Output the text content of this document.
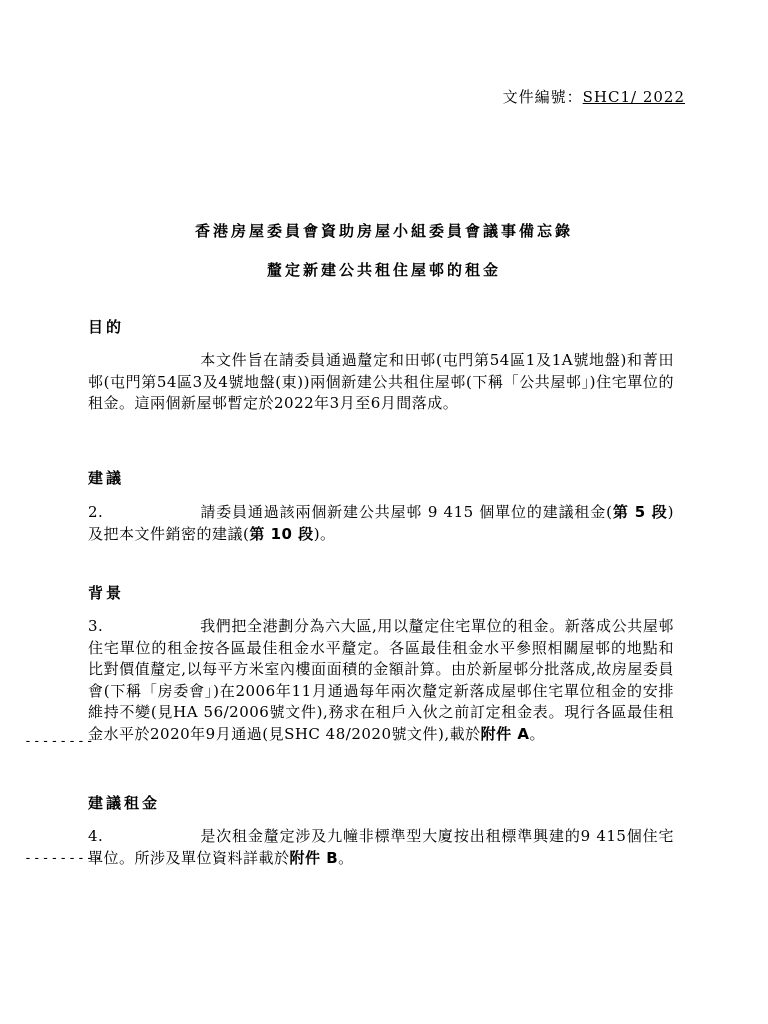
文件編號：SHC1/ 2022
香港房屋委員會資助房屋小組委員會議事備忘錄
釐定新建公共租住屋邨的租金
目的
本文件旨在請委員通過釐定和田邨(屯門第54區1及1A號地盤)和菁田邨(屯門第54區3及4號地盤(東))兩個新建公共租住屋邨(下稱「公共屋邨」)住宅單位的租金。這兩個新屋邨暫定於2022年3月至6月間落成。
建議
2.	請委員通過該兩個新建公共屋邨 9 415 個單位的建議租金(第 5 段)及把本文件銷密的建議(第 10 段)。
背景
3.	我們把全港劃分為六大區,用以釐定住宅單位的租金。新落成公共屋邨住宅單位的租金按各區最佳租金水平釐定。各區最佳租金水平參照相關屋邨的地點和比對價值釐定,以每平方米室內樓面面積的金額計算。由於新屋邨分批落成,故房屋委員會(下稱「房委會」)在2006年11月通過每年兩次釐定新落成屋邨住宅單位租金的安排維持不變(見HA 56/2006號文件),務求在租戶入伙之前訂定租金表。現行各區最佳租金水平於2020年9月通過(見SHC 48/2020號文件),載於附件 A。
--------
建議租金
4.	是次租金釐定涉及九幢非標準型大廈按出租標準興建的9 415個住宅單位。所涉及單位資料詳載於附件 B。
---------
